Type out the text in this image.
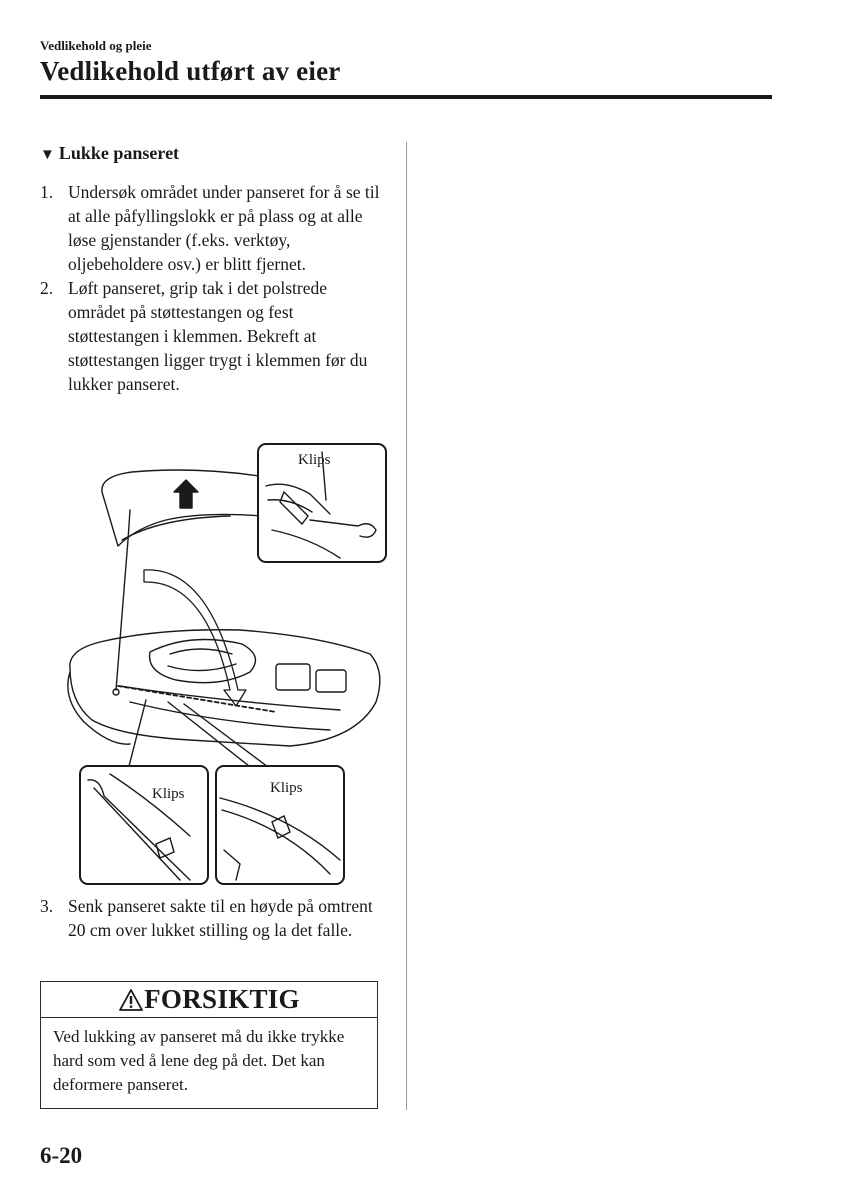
Vedlikehold og pleie

Vedlikehold utført av eier
▼ Lukke panseret
1. Undersøk området under panseret for å se til at alle påfyllingslokk er på plass og at alle løse gjenstander (f.eks. verktøy, oljebeholdere osv.) er blitt fjernet.
2. Løft panseret, grip tak i det polstrede området på støttestangen og fest støttestangen i klemmen. Bekreft at støttestangen ligger trygt i klemmen før du lukker panseret.
Klips
Klips	Klips
3. Senk panseret sakte til en høyde på omtrent 20 cm over lukket stilling og la det falle.
FORSIKTIG
Ved lukking av panseret må du ikke trykke hard som ved å lene deg på det. Det kan deformere panseret.

6-20
